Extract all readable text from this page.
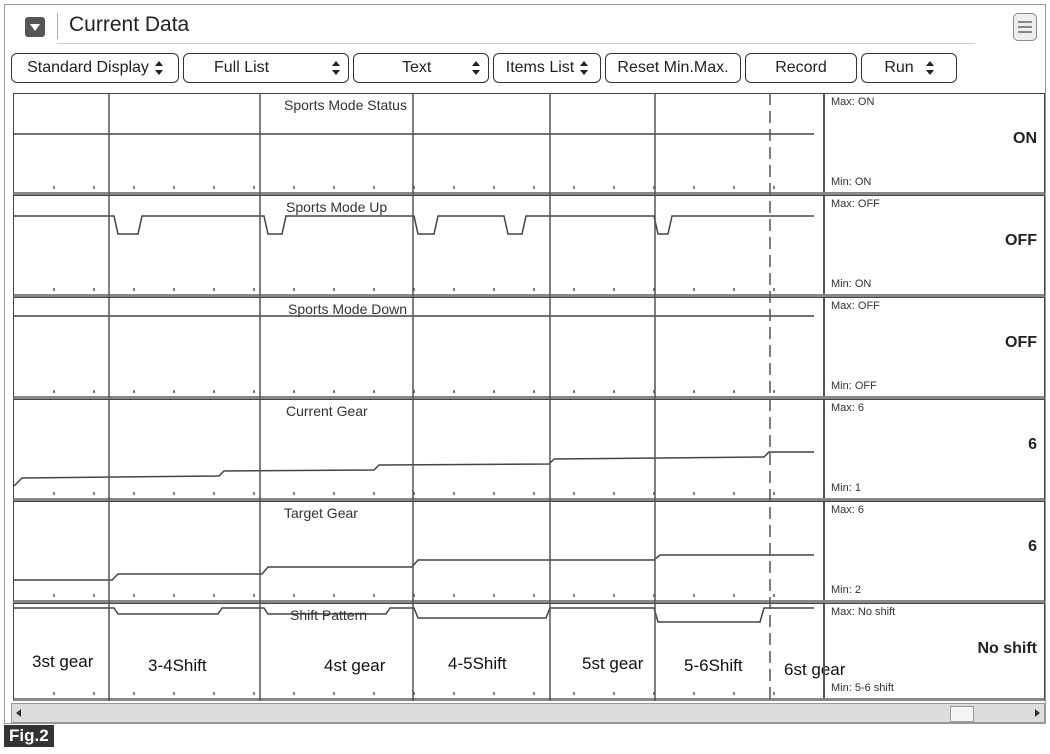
Current Data
Standard Display	Full List	Text	Items List	Reset Min.Max.	Record	Run
Sports Mode Status	Max: ON
ON
Min: ON
Sports Mode Up	Max: OFF
OFF
Min: ON
Sports Mode Down	Max: OFF
OFF
Min: OFF
Current Gear	Max: 6
6
Min: 1
Target Gear	Max: 6
6
Min: 2
Shift Pattern
3st gear	3-4Shift	4st gear	4-5Shift	5st gear 5-6Shift 6st gear
Max: No shift
No shift
Min: 5-6 shift
Fig.2
